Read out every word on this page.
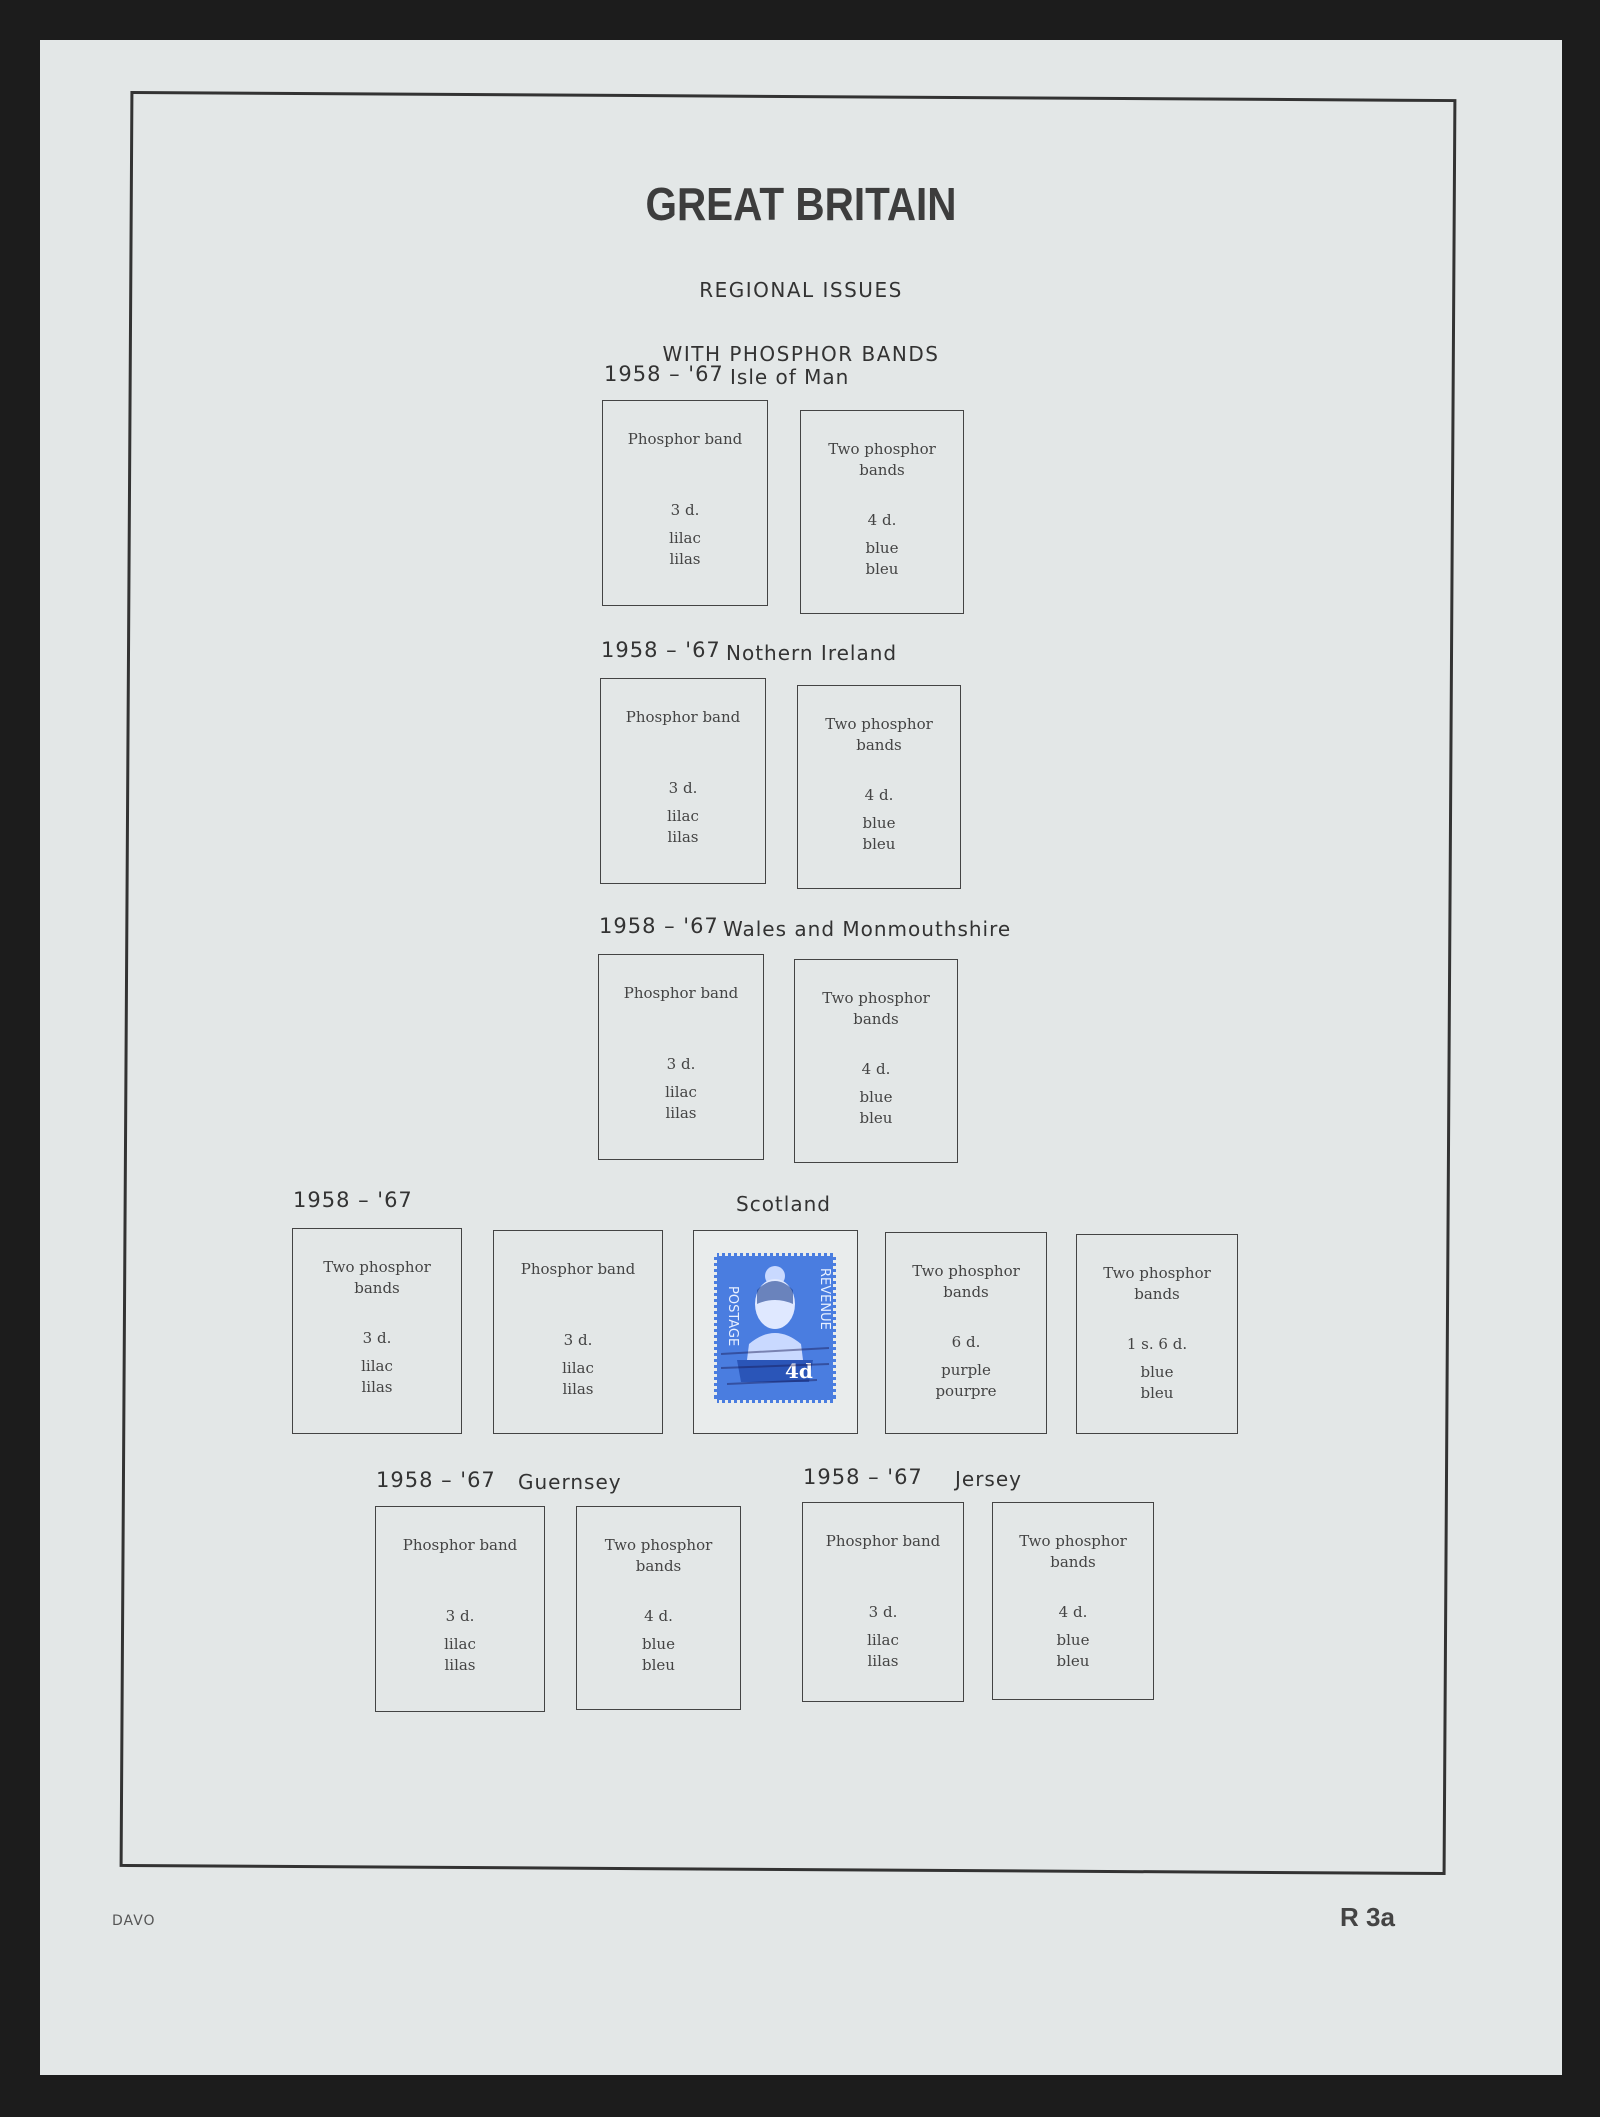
GREAT BRITAIN
REGIONAL ISSUES
WITH PHOSPHOR BANDS
1958 – '67 Isle of Man
Phosphor band
3 d.
lilac
lilas
Two phosphor
bands
4 d.
blue
bleu
1958 – '67 Nothern Ireland
Phosphor band
3 d.
lilac
lilas
Two phosphor
bands
4 d.
blue
bleu
1958 – '67 Wales and Monmouthshire
Phosphor band
3 d.
lilac
lilas
Two phosphor
bands
4 d.
blue
bleu
1958 – '67	Scotland
Two phosphor
bands
3 d.
lilac
lilas
Phosphor band
3 d.
lilac
lilas
POSTAGE	REVENUE
4d
Two phosphor
bands
6 d.
purple
pourpre
Two phosphor
bands
1 s. 6 d.
blue
bleu
1958 – '67 Guernsey
Phosphor band
3 d.
lilac
lilas
Two phosphor
bands
4 d.
blue
bleu
1958 – '67 Jersey
Phosphor band
3 d.
lilac
lilas
Two phosphor
bands
4 d.
blue
bleu
DAVO	R 3a
